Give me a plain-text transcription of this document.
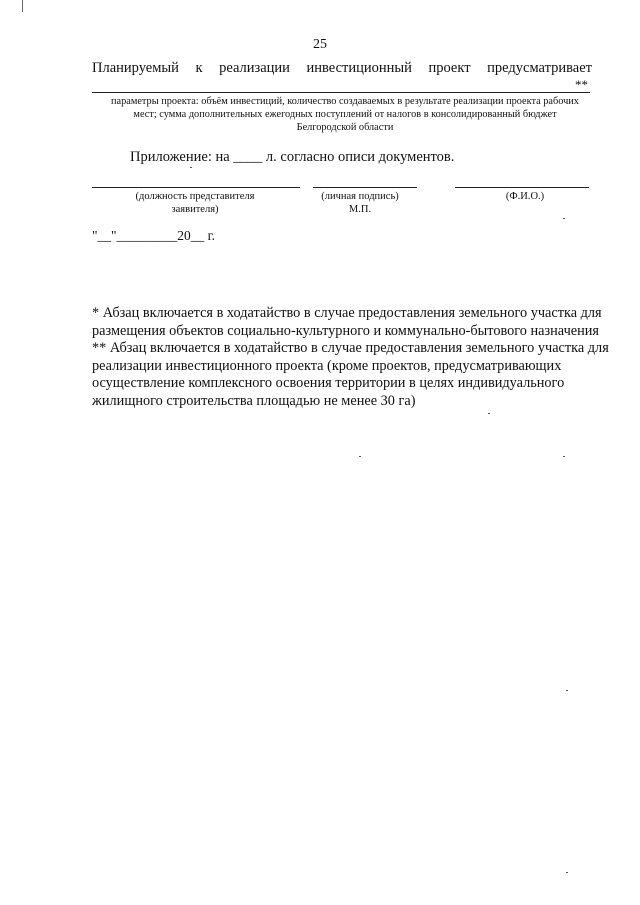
25
Планируемый к реализации инвестиционный проект предусматривает
**
параметры проекта: объём инвестиций, количество создаваемых в результате реализации проекта рабочих
мест; сумма дополнительных ежегодных поступлений от налогов в консолидированный бюджет
Белгородской области
Приложение: на ____ л. согласно описи документов.
(должность представителя
заявителя)
(личная подпись)
М.П.
(Ф.И.О.)
"__"_________20__ г.
* Абзац включается в ходатайство в случае предоставления земельного участка для размещения объектов социально-культурного и коммунально-бытового назначения
** Абзац включается в ходатайство в случае предоставления земельного участка для реализации инвестиционного проекта (кроме проектов, предусматривающих осуществление комплексного освоения территории в целях индивидуального жилищного строительства площадью не менее 30 га)
